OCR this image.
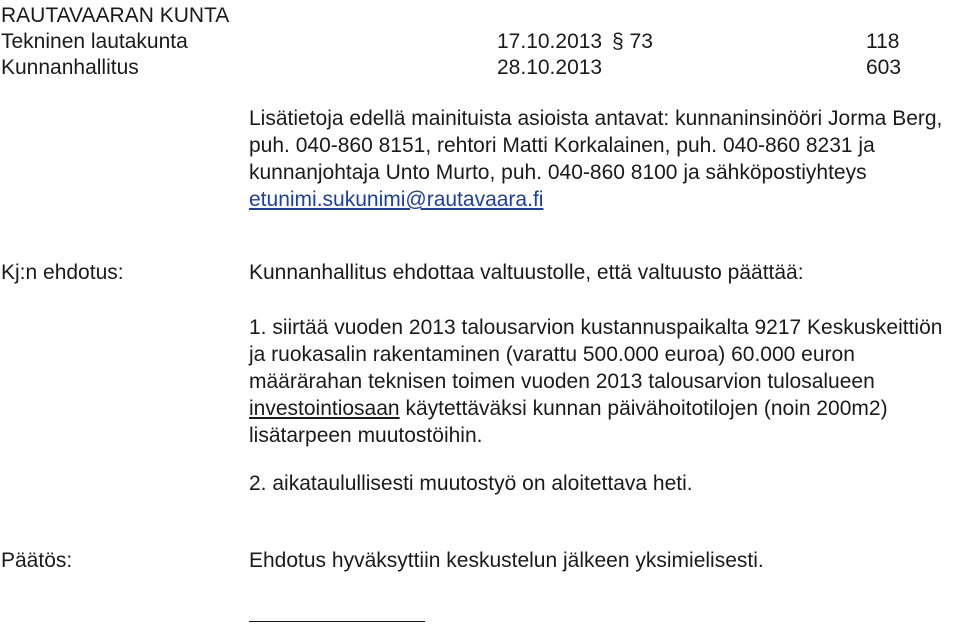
RAUTAVAARAN KUNTA
Tekninen lautakunta	17.10.2013 § 73	118
Kunnanhallitus	28.10.2013	603
Lisätietoja edellä mainituista asioista antavat: kunnaninsinööri Jorma Berg, puh. 040-860 8151, rehtori Matti Korkalainen, puh. 040-860 8231 ja kunnanjohtaja Unto Murto, puh. 040-860 8100 ja sähköpostiyhteys etunimi.sukunimi@rautavaara.fi
Kj:n ehdotus:	Kunnanhallitus ehdottaa valtuustolle, että valtuusto päättää:
1. siirtää vuoden 2013 talousarvion kustannuspaikalta 9217 Keskuskeittiön ja ruokasalin rakentaminen (varattu 500.000 euroa) 60.000 euron määrärahan teknisen toimen vuoden 2013 talousarvion tulosalueen investointiosaan käytettäväksi kunnan päivähoitotilojen (noin 200m2) lisätarpeen muutostöihin.
2. aikataulullisesti muutostyö on aloitettava heti.
Päätös:	Ehdotus hyväksyttiin keskustelun jälkeen yksimielisesti.
